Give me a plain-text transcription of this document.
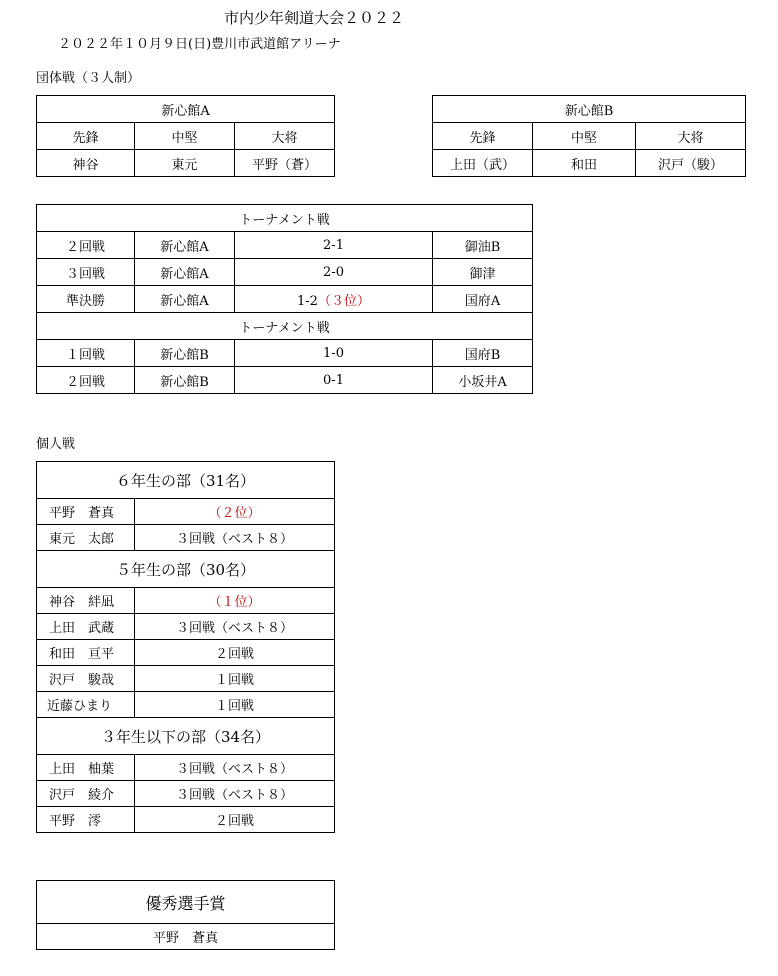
市内少年剣道大会２０２２
２０２２年１０月９日(日)豊川市武道館アリーナ
団体戦（３人制）
新心館A		
先鋒	中堅	大将
神谷	東元	平野（蒼）
新心館B		
先鋒	中堅	大将
上田（武）	和田	沢戸（駿）
トーナメント戦			
２回戦	新心館A	2-1	御油B
３回戦	新心館A	2-0	御津
準決勝	新心館A	1-2（３位）	国府A
トーナメント戦			
１回戦	新心館B	1-0	国府B
２回戦	新心館B	0-1	小坂井A
個人戦
６年生の部（31名）	
平野　蒼真	（２位）
東元　太郎	３回戦（ベスト８）
５年生の部（30名）	
神谷　絆凪	（１位）
上田　武蔵	３回戦（ベスト８）
和田　亘平	２回戦
沢戸　駿哉	１回戦
近藤ひまり	１回戦
３年生以下の部（34名）	
上田　柚葉	３回戦（ベスト８）
沢戸　綾介	３回戦（ベスト８）
平野　澪	２回戦
優秀選手賞
平野　蒼真
